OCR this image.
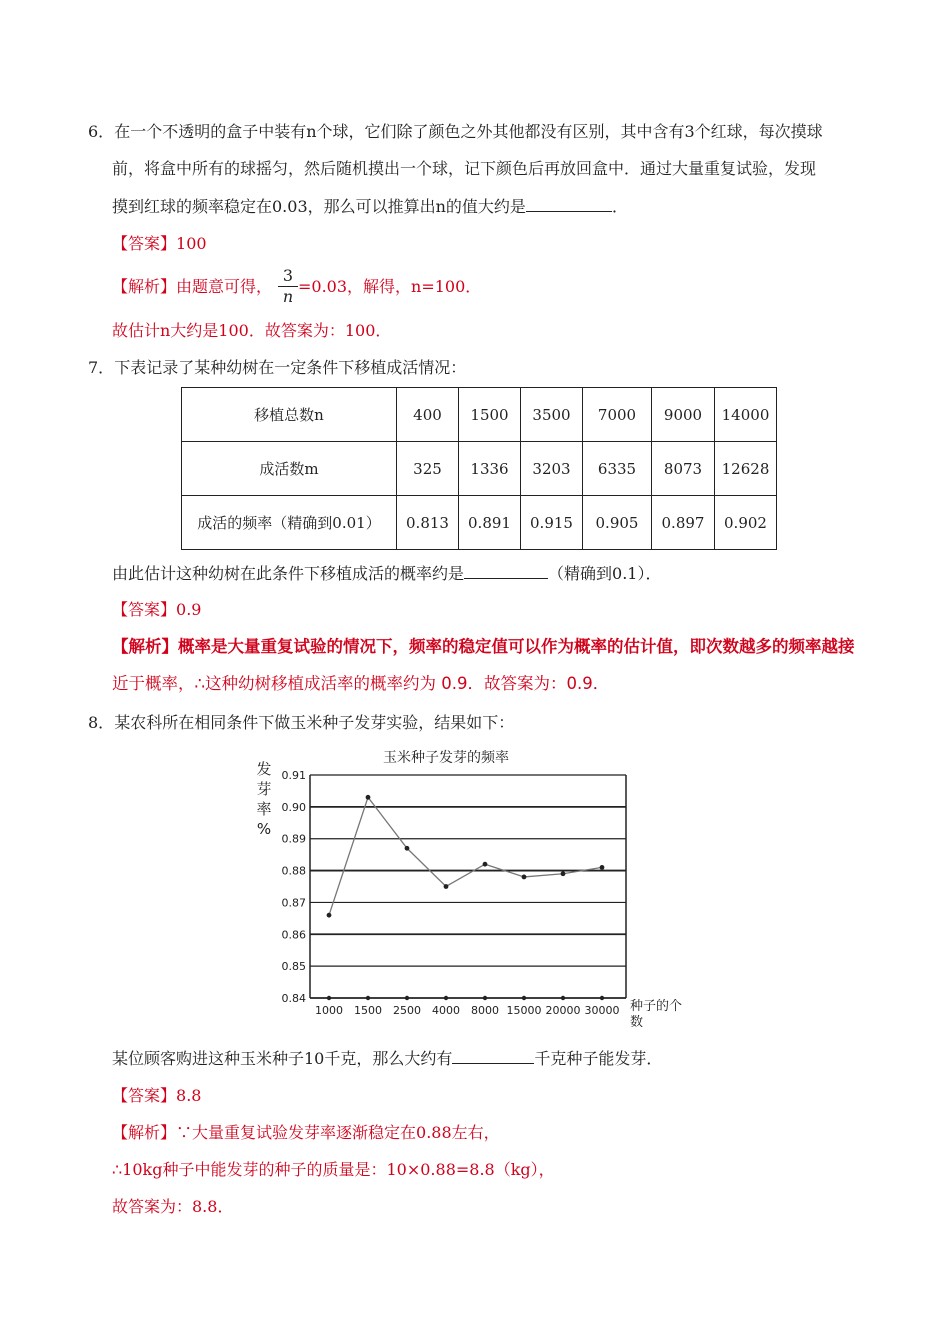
6．在一个不透明的盒子中装有n个球，它们除了颜色之外其他都没有区别，其中含有3个红球，每次摸球
前，将盒中所有的球摇匀，然后随机摸出一个球，记下颜色后再放回盒中．通过大量重复试验，发现
摸到红球的频率稳定在0.03，那么可以推算出n的值大约是	．
【答案】100
【解析】由题意可得， $\frac{3}{n} =0.03$，解得，n=100．
故估计n大约是100．故答案为：100．
7．下表记录了某种幼树在一定条件下移植成活情况：
移植总数n	400	1500	3500	7000	9000	14000
成活数m	325	1336	3203	6335	8073	12628
成活的频率（精确到0.01）	0.813	0.891	0.915	0.905	0.897	0.902
由此估计这种幼树在此条件下移植成活的概率约是	（精确到0.1）．
【答案】0.9
【解析】概率是大量重复试验的情况下，频率的稳定值可以作为概率的估计值，即次数越多的频率越接
近于概率，∴这种幼树移植成活率的概率约为 0.9．故答案为：0.9．
8．某农科所在相同条件下做玉米种子发芽实验，结果如下：
玉米种子发芽的频率
发
芽
率
%
0.84
0.85
0.86
0.87
0.88
0.89
0.90
0.91
1000 1500 2500 4000 8000 15000 20000 30000 种子的个
数
某位顾客购进这种玉米种子10千克，那么大约有	千克种子能发芽．
【答案】8.8
【解析】∵大量重复试验发芽率逐渐稳定在0.88左右，
∴10kg种子中能发芽的种子的质量是：10×0.88=8.8（kg），
故答案为：8.8．
